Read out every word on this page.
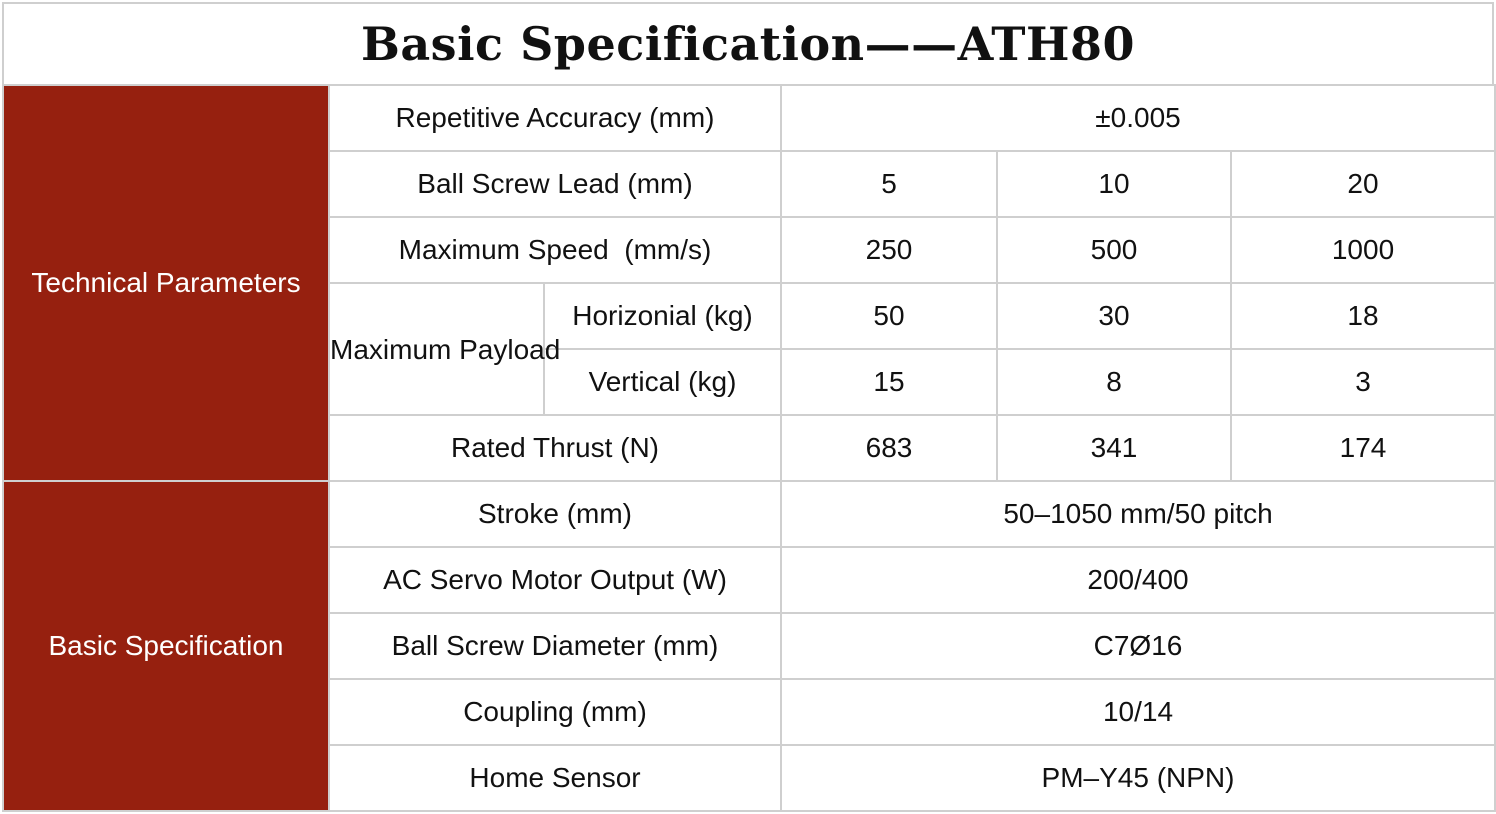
Basic Specification——ATH80
Technical Parameters	Repetitive Accuracy (mm)		±0.005		
	Ball Screw Lead (mm)		5	10	20
	Maximum Speed  (mm/s)		250	500	1000
	Maximum Payload	Horizonial (kg)	50	30	18
		Vertical (kg)	15	8	3
	Rated Thrust (N)		683	341	174
Basic Specification	Stroke (mm)		50–1050 mm/50 pitch		
	AC Servo Motor Output (W)		200/400		
	Ball Screw Diameter (mm)		C7Ø16		
	Coupling (mm)		10/14		
	Home Sensor		PM–Y45 (NPN)		
